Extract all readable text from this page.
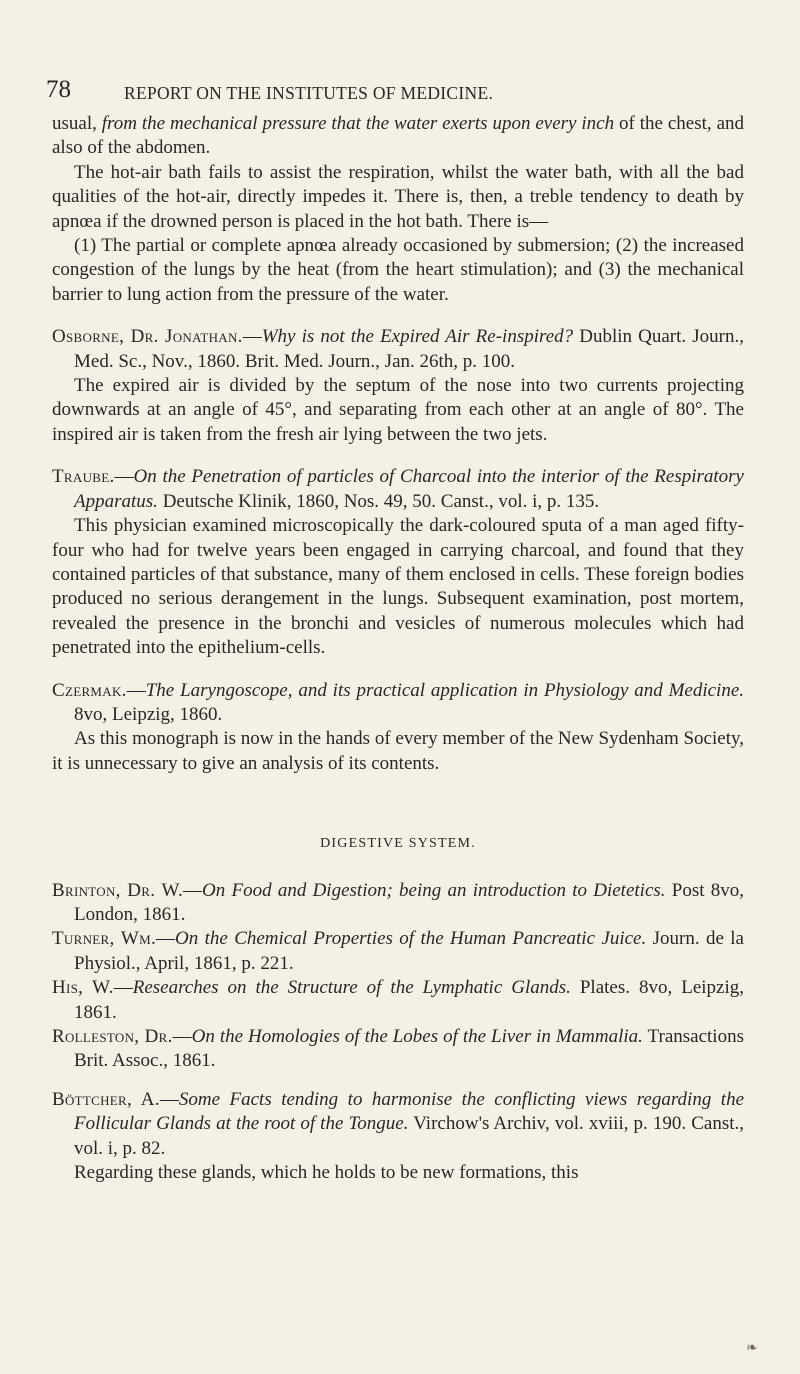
78	REPORT ON THE INSTITUTES OF MEDICINE.

usual, from the mechanical pressure that the water exerts upon every inch of the chest, and also of the abdomen.

The hot-air bath fails to assist the respiration, whilst the water bath, with all the bad qualities of the hot-air, directly impedes it. There is, then, a treble tendency to death by apnœa if the drowned person is placed in the hot bath. There is—

(1) The partial or complete apnœa already occasioned by submersion; (2) the increased congestion of the lungs by the heat (from the heart stimulation); and (3) the mechanical barrier to lung action from the pressure of the water.

Osborne, Dr. Jonathan.—Why is not the Expired Air Re-inspired? Dublin Quart. Journ., Med. Sc., Nov., 1860. Brit. Med. Journ., Jan. 26th, p. 100.

The expired air is divided by the septum of the nose into two currents projecting downwards at an angle of 45°, and separating from each other at an angle of 80°. The inspired air is taken from the fresh air lying between the two jets.

Traube.—On the Penetration of particles of Charcoal into the interior of the Respiratory Apparatus. Deutsche Klinik, 1860, Nos. 49, 50. Canst., vol. i, p. 135.

This physician examined microscopically the dark-coloured sputa of a man aged fifty-four who had for twelve years been engaged in carrying charcoal, and found that they contained particles of that substance, many of them enclosed in cells. These foreign bodies produced no serious derangement in the lungs. Subsequent examination, post mortem, revealed the presence in the bronchi and vesicles of numerous molecules which had penetrated into the epithelium-cells.

Czermak.—The Laryngoscope, and its practical application in Physiology and Medicine. 8vo, Leipzig, 1860.

As this monograph is now in the hands of every member of the New Sydenham Society, it is unnecessary to give an analysis of its contents.

DIGESTIVE SYSTEM.

Brinton, Dr. W.—On Food and Digestion; being an introduction to Dietetics. Post 8vo, London, 1861.

Turner, Wm.—On the Chemical Properties of the Human Pancreatic Juice. Journ. de la Physiol., April, 1861, p. 221.

His, W.—Researches on the Structure of the Lymphatic Glands. Plates. 8vo, Leipzig, 1861.

Rolleston, Dr.—On the Homologies of the Lobes of the Liver in Mammalia. Transactions Brit. Assoc., 1861.

Böttcher, A.—Some Facts tending to harmonise the conflicting views regarding the Follicular Glands at the root of the Tongue. Virchow's Archiv, vol. xviii, p. 190. Canst., vol. i, p. 82.

Regarding these glands, which he holds to be new formations, this

❧
